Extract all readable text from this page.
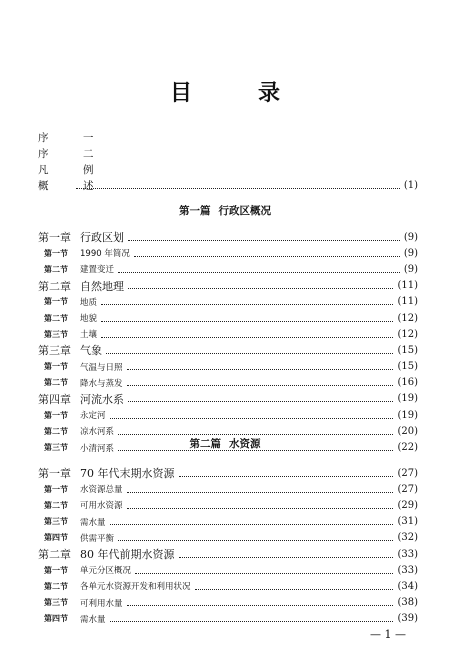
目　录
序　一
序　二
凡　例
概　述	(1)
第一篇 行政区概况
第一章 行政区划	(9)
第一节	1990 年简况	(9)
第二节	建置变迁	(9)
第二章 自然地理	(11)
第一节	地质	(11)
第二节	地貌	(12)
第三节	土壤	(12)
第三章 气象	(15)
第一节	气温与日照	(15)
第二节	降水与蒸发	(16)
第四章 河流水系	(19)
第一节	永定河	(19)
第二节	凉水河系	(20)
第三节	小清河系	(22)
第二篇 水资源
第一章 70 年代末期水资源	(27)
第一节	水资源总量	(27)
第二节	可用水资源	(29)
第三节	需水量	(31)
第四节	供需平衡	(32)
第二章 80 年代前期水资源	(33)
第一节	单元分区概况	(33)
第二节	各单元水资源开发和利用状况	(34)
第三节	可利用水量	(38)
第四节	需水量	(39)
— 1 —
